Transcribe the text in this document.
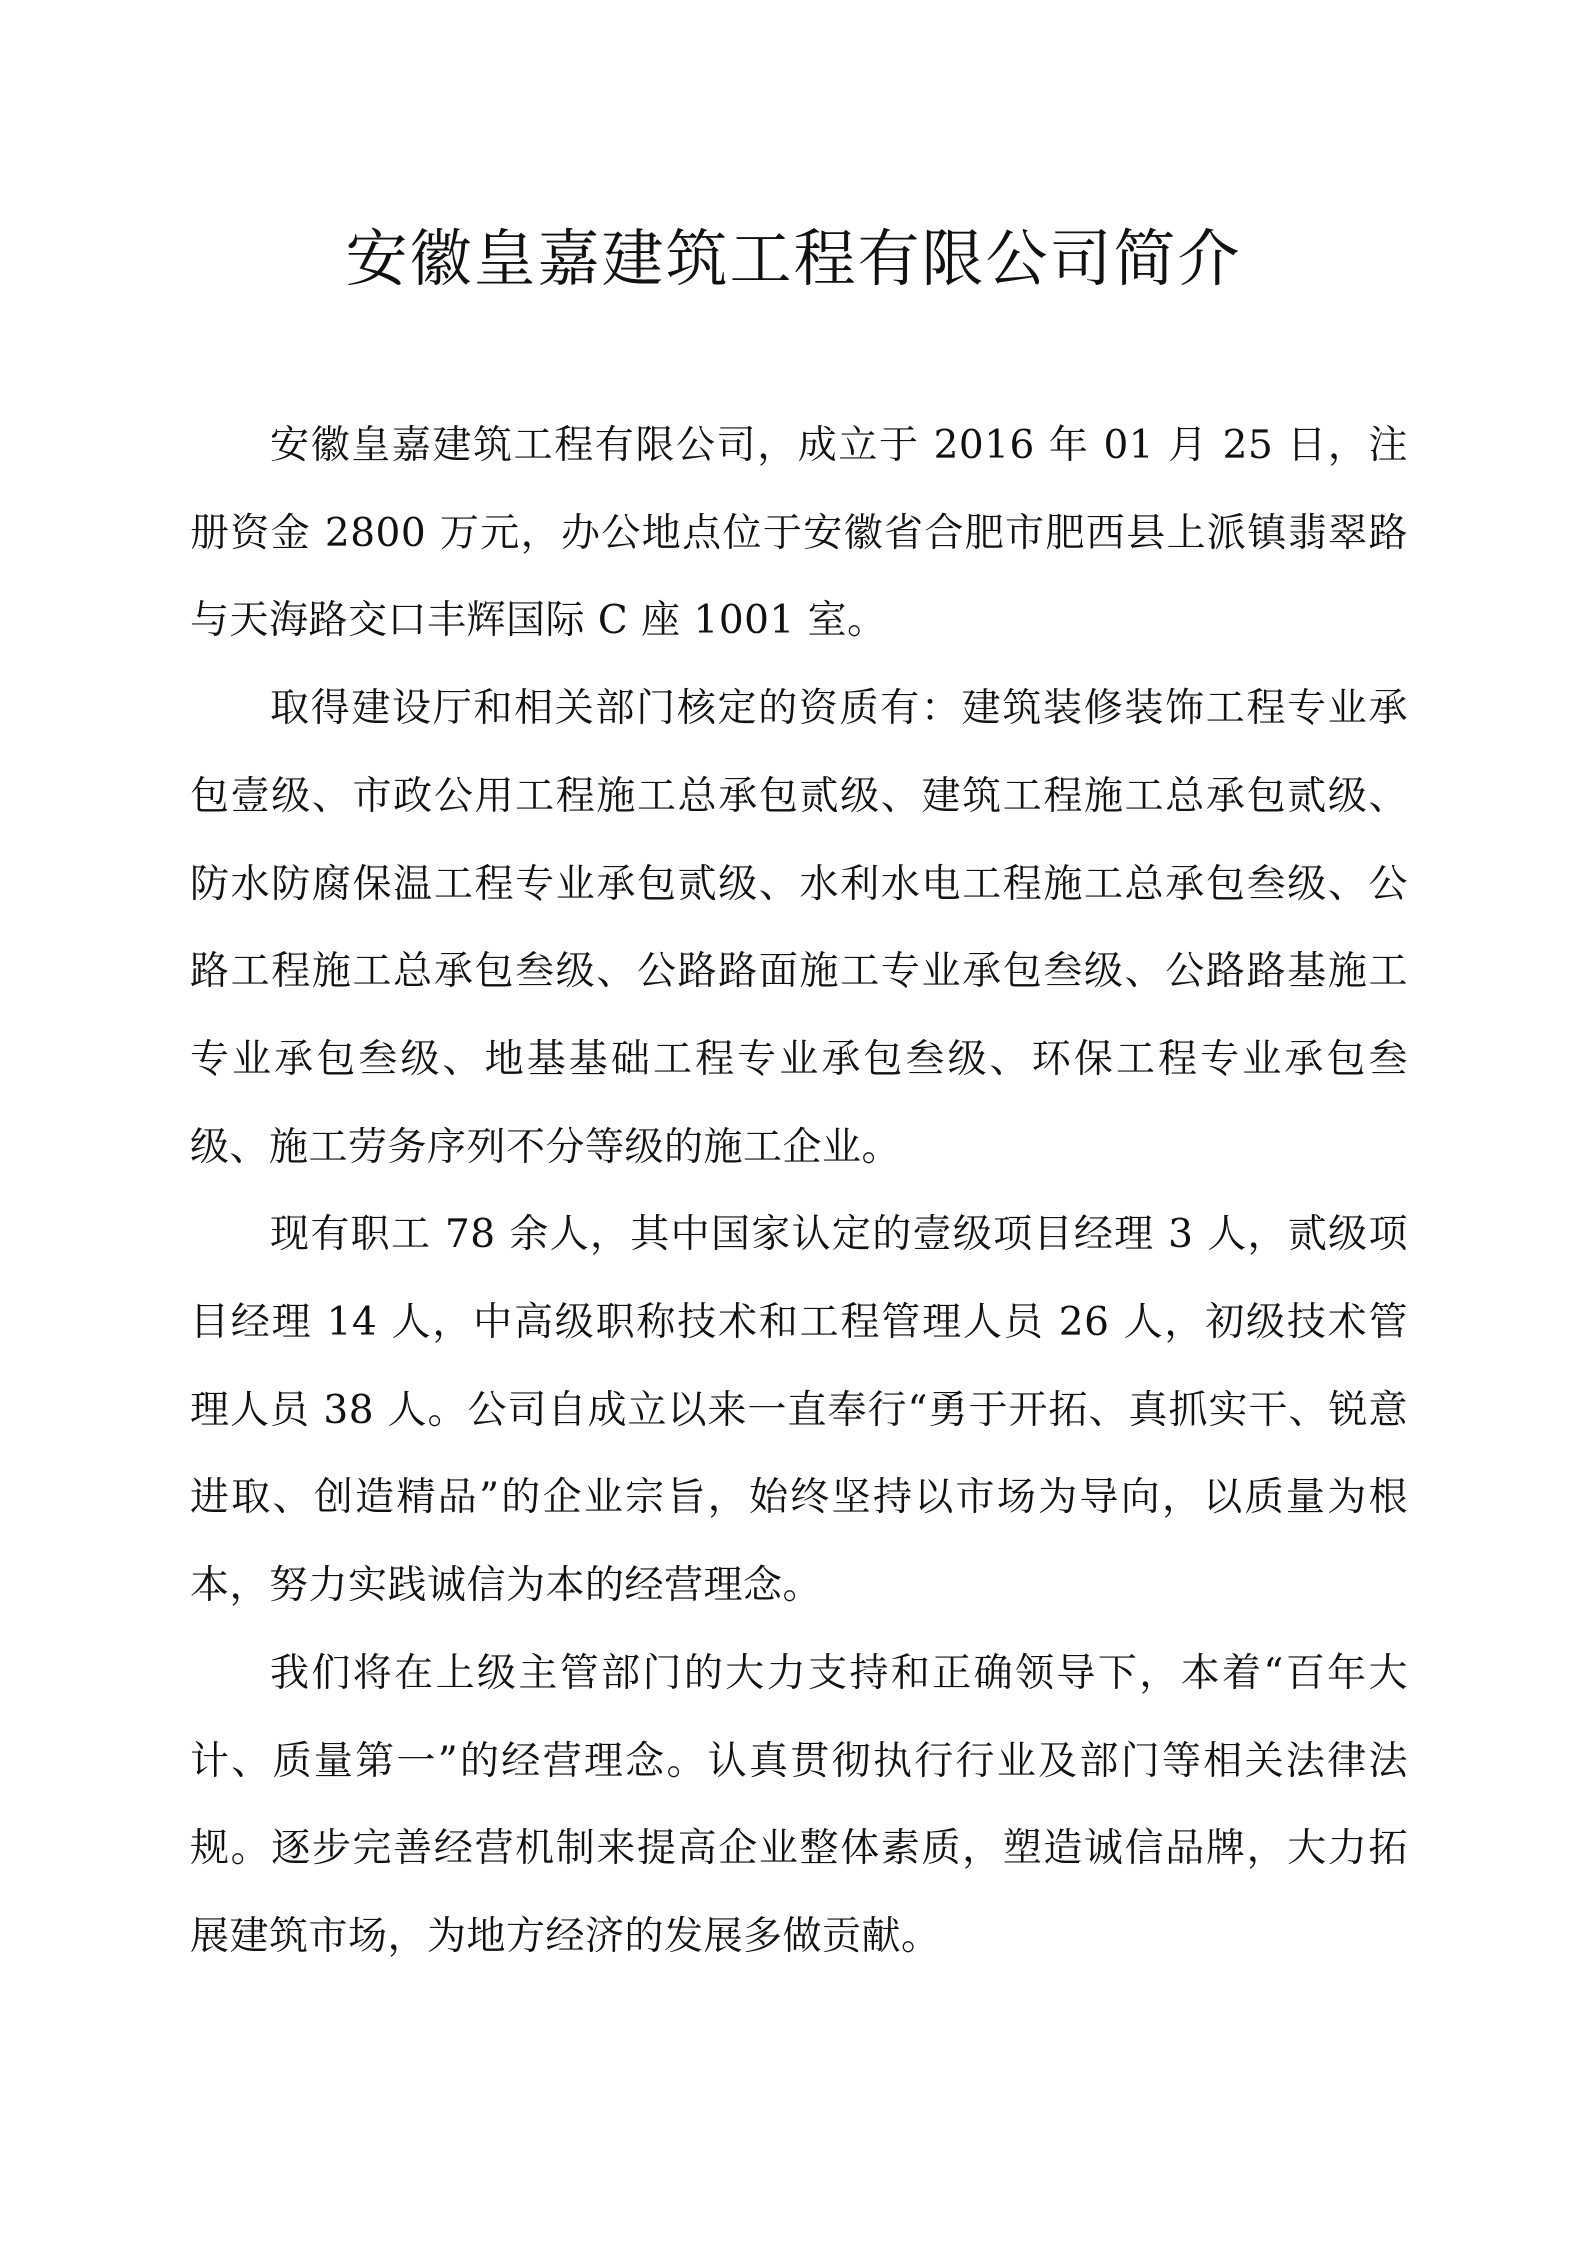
安徽皇嘉建筑工程有限公司简介

安徽皇嘉建筑工程有限公司，成立于 2016 年 01 月 25 日，注册资金 2800 万元，办公地点位于安徽省合肥市肥西县上派镇翡翠路与天海路交口丰辉国际 C 座 1001 室。

取得建设厅和相关部门核定的资质有：建筑装修装饰工程专业承包壹级、市政公用工程施工总承包贰级、建筑工程施工总承包贰级、防水防腐保温工程专业承包贰级、水利水电工程施工总承包叁级、公路工程施工总承包叁级、公路路面施工专业承包叁级、公路路基施工专业承包叁级、地基基础工程专业承包叁级、环保工程专业承包叁级、施工劳务序列不分等级的施工企业。

现有职工 78 余人，其中国家认定的壹级项目经理 3 人，贰级项目经理 14 人，中高级职称技术和工程管理人员 26 人，初级技术管理人员 38 人。公司自成立以来一直奉行“勇于开拓、真抓实干、锐意进取、创造精品”的企业宗旨，始终坚持以市场为导向，以质量为根本，努力实践诚信为本的经营理念。

我们将在上级主管部门的大力支持和正确领导下，本着“百年大计、质量第一”的经营理念。认真贯彻执行行业及部门等相关法律法规。逐步完善经营机制来提高企业整体素质，塑造诚信品牌，大力拓展建筑市场，为地方经济的发展多做贡献。
